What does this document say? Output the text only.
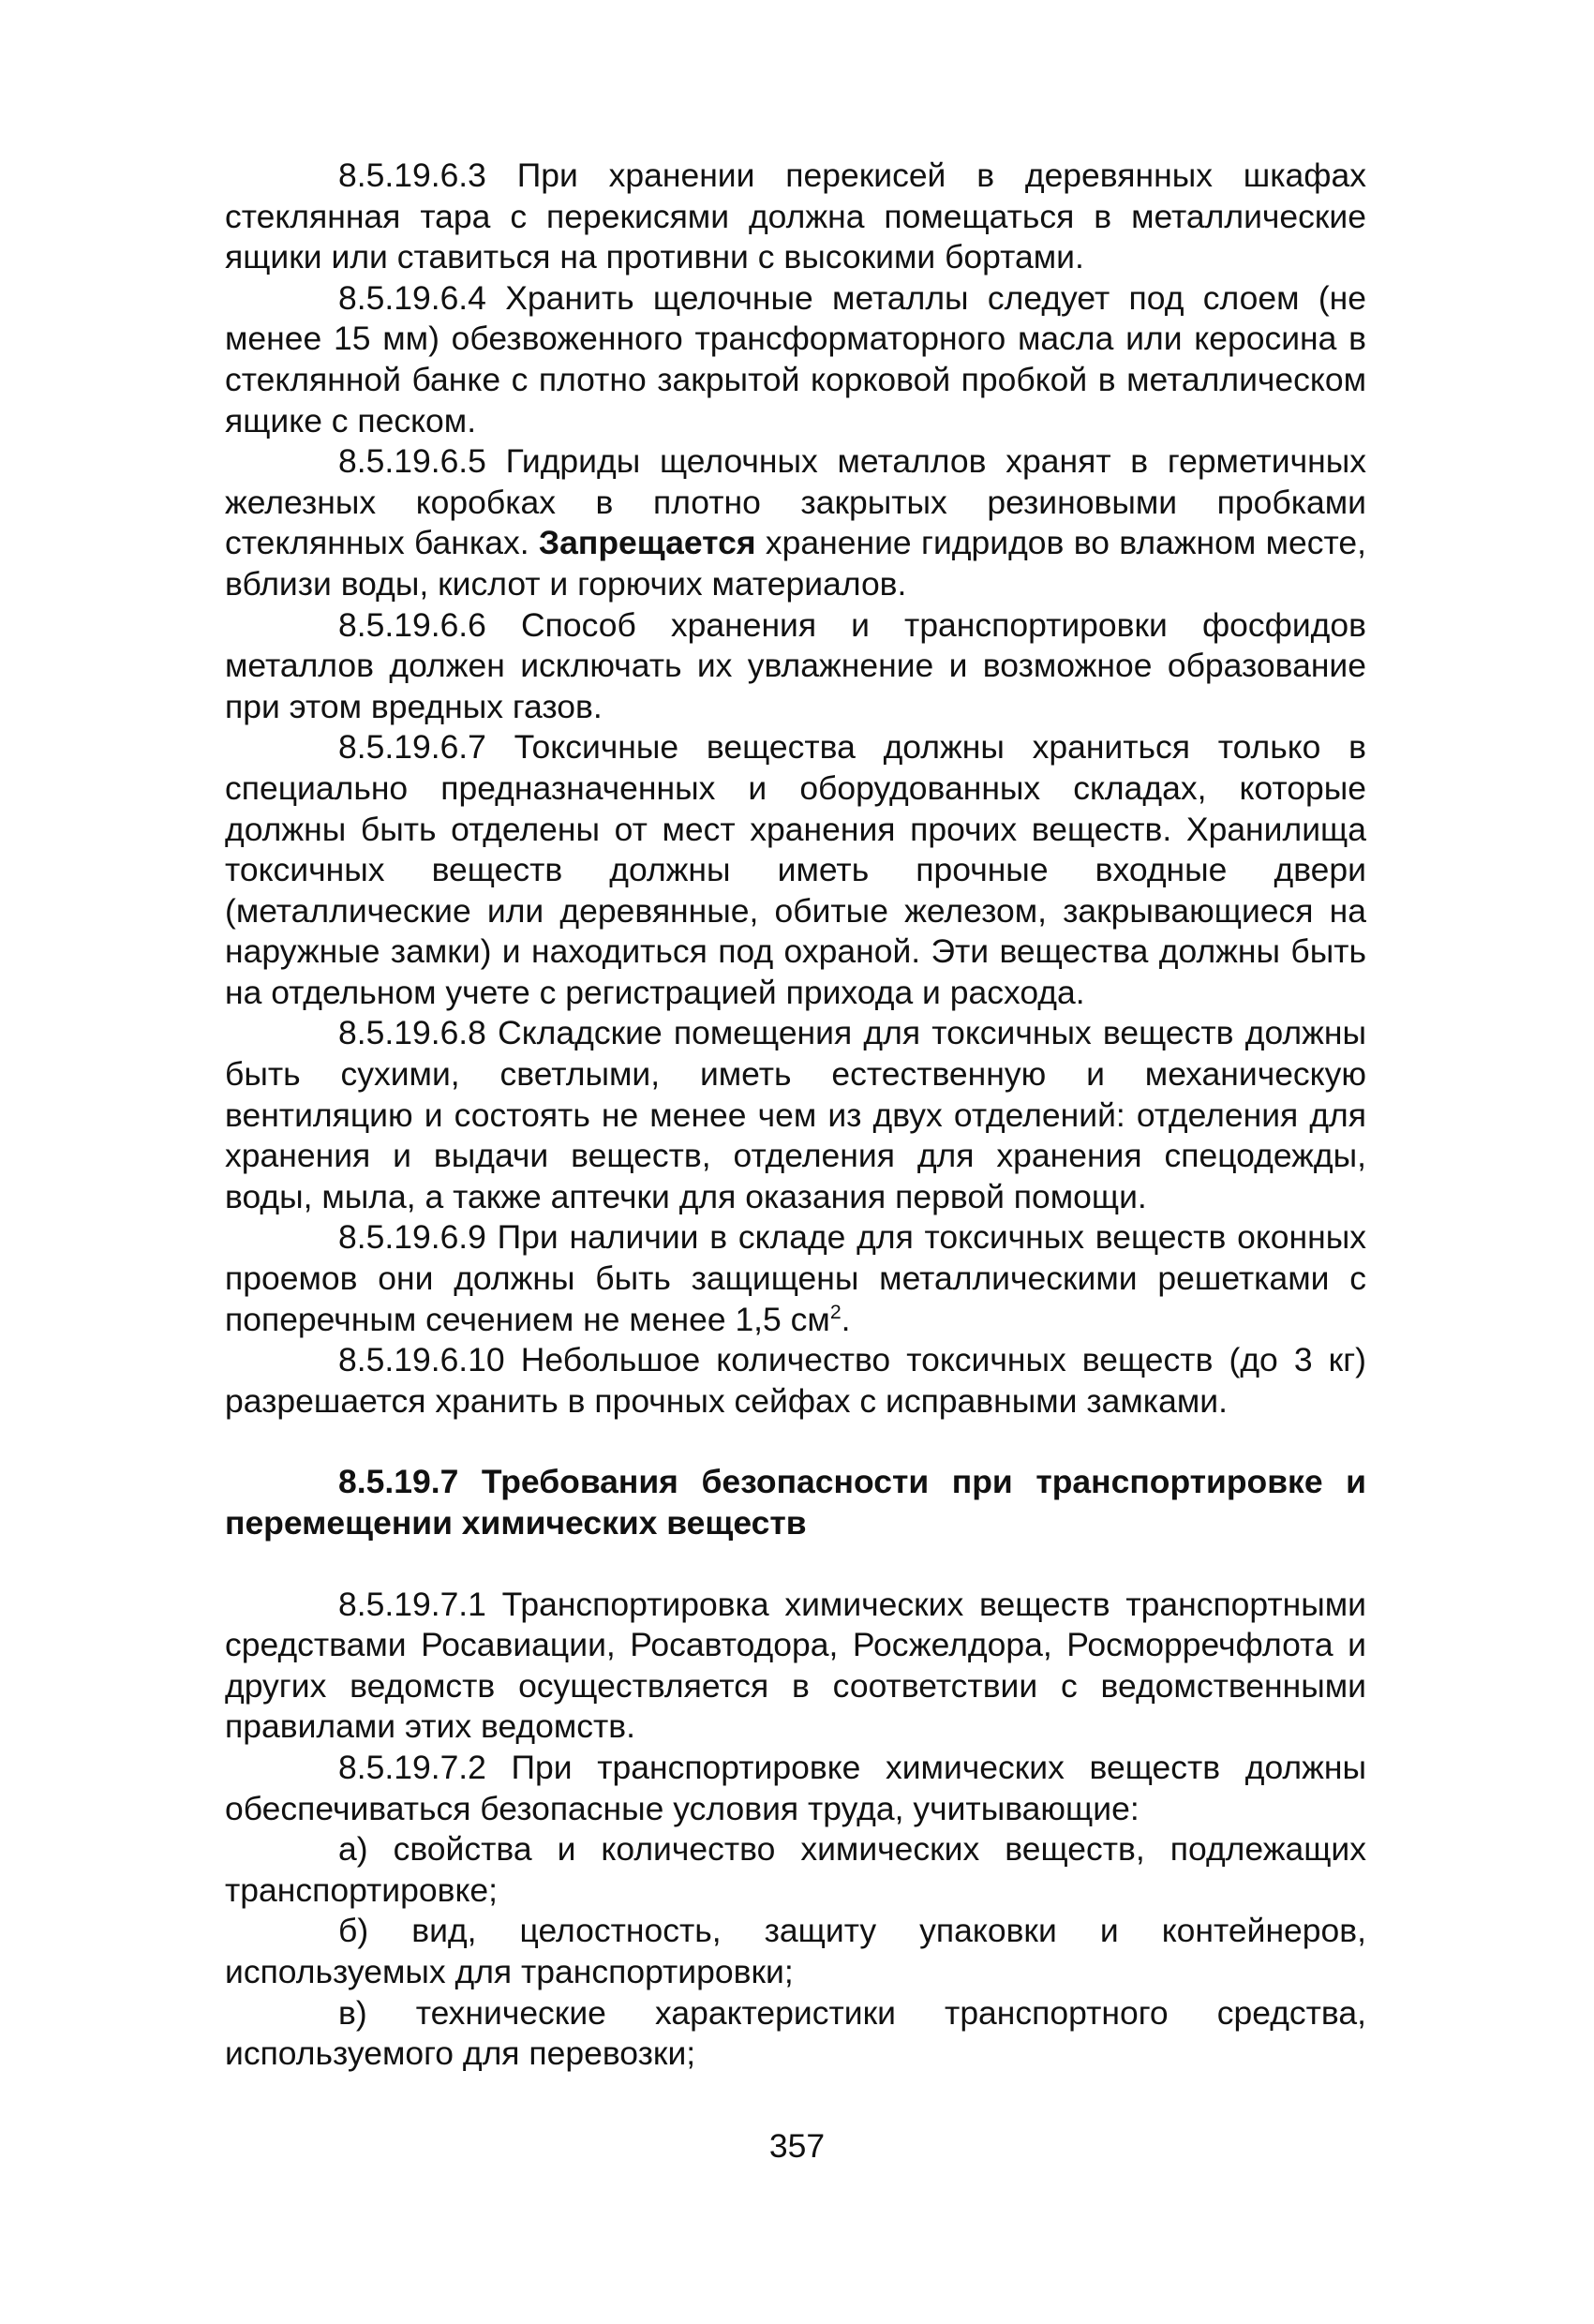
8.5.19.6.3 При хранении перекисей в деревянных шкафах стеклянная тара с перекисями должна помещаться в металлические ящики или ставиться на противни с высокими бортами.

8.5.19.6.4 Хранить щелочные металлы следует под слоем (не менее 15 мм) обезвоженного трансформаторного масла или керосина в стеклянной банке с плотно закрытой корковой пробкой в металлическом ящике с песком.

8.5.19.6.5 Гидриды щелочных металлов хранят в герметичных железных коробках в плотно закрытых резиновыми пробками стеклянных банках. Запрещается хранение гидридов во влажном месте, вблизи воды, кислот и горючих материалов.

8.5.19.6.6 Способ хранения и транспортировки фосфидов металлов должен исключать их увлажнение и возможное образование при этом вредных газов.

8.5.19.6.7 Токсичные вещества должны храниться только в специально предназначенных и оборудованных складах, которые должны быть отделены от мест хранения прочих веществ. Хранилища токсичных веществ должны иметь прочные входные двери (металлические или деревянные, обитые железом, закрывающиеся на наружные замки) и находиться под охраной. Эти вещества должны быть на отдельном учете с регистрацией прихода и расхода.

8.5.19.6.8 Складские помещения для токсичных веществ должны быть сухими, светлыми, иметь естественную и механическую вентиляцию и состоять не менее чем из двух отделений: отделения для хранения и выдачи веществ, отделения для хранения спецодежды, воды, мыла, а также аптечки для оказания первой помощи.

8.5.19.6.9 При наличии в складе для токсичных веществ оконных проемов они должны быть защищены металлическими решетками с поперечным сечением не менее 1,5 $см^2$.

8.5.19.6.10 Небольшое количество токсичных веществ (до 3 кг) разрешается хранить в прочных сейфах с исправными замками.

8.5.19.7 Требования безопасности при транспортировке и перемещении химических веществ

8.5.19.7.1 Транспортировка химических веществ транспортными средствами Росавиации, Росавтодора, Росжелдора, Росморречфлота и других ведомств осуществляется в соответствии с ведомственными правилами этих ведомств.

8.5.19.7.2 При транспортировке химических веществ должны обеспечиваться безопасные условия труда, учитывающие:

а) свойства и количество химических веществ, подлежащих транспортировке;

б) вид, целостность, защиту упаковки и контейнеров, используемых для транспортировки;

в) технические характеристики транспортного средства, используемого для перевозки;

357
